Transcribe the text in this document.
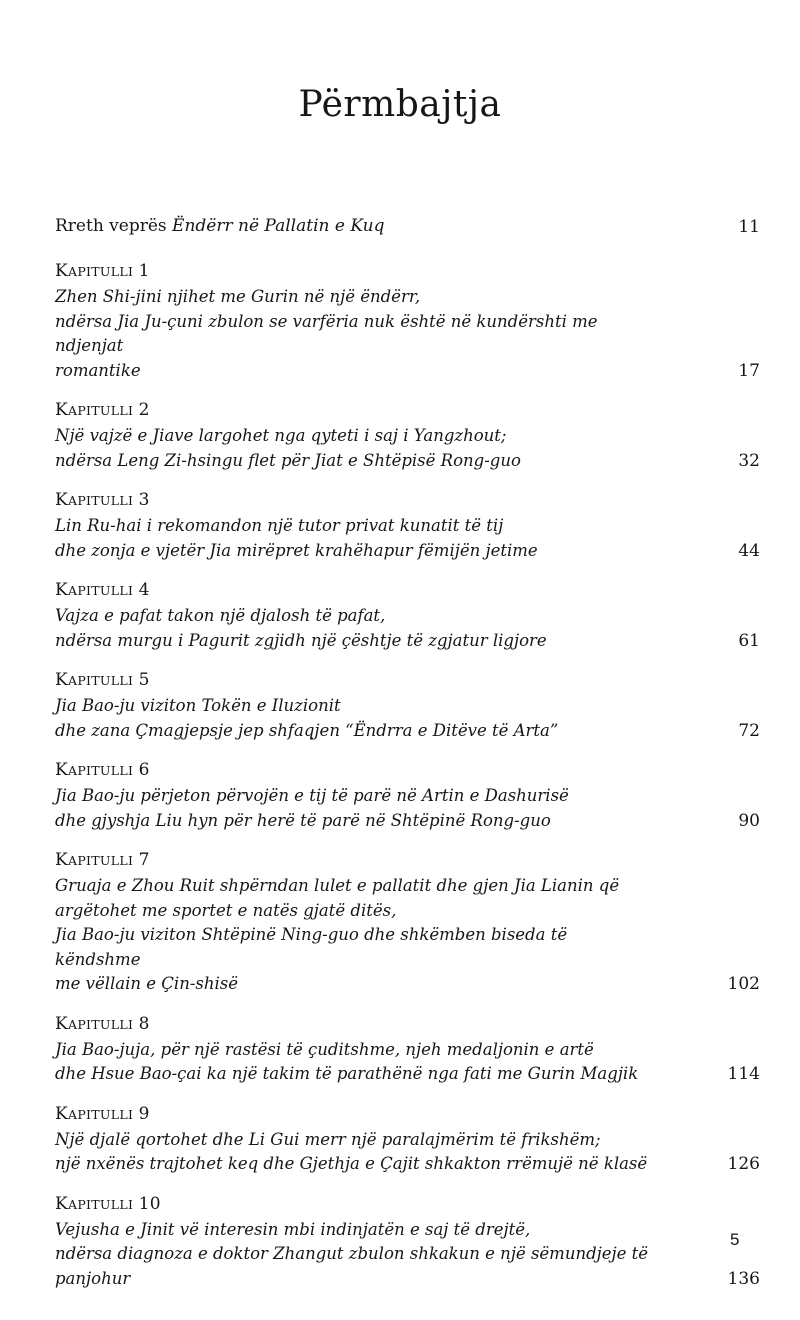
Përmbajtja
Rreth veprës Ëndërr në Pallatin e Kuq	11
KAPITULLI 1
Zhen Shi-jini njihet me Gurin në një ëndërr,
ndërsa Jia Ju-çuni zbulon se varfëria nuk është në kundërshti me ndjenjat
romantike	17
KAPITULLI 2
Një vajzë e Jiave largohet nga qyteti i saj i Yangzhout;
ndërsa Leng Zi-hsingu flet për Jiat e Shtëpisë Rong-guo	32
KAPITULLI 3
Lin Ru-hai i rekomandon një tutor privat kunatit të tij
dhe zonja e vjetër Jia mirëpret krahëhapur fëmijën jetime	44
KAPITULLI 4
Vajza e pafat takon një djalosh të pafat,
ndërsa murgu i Pagurit zgjidh një çështje të zgjatur ligjore	61
KAPITULLI 5
Jia Bao-ju viziton Tokën e Iluzionit
dhe zana Çmagjepsje jep shfaqjen “Ëndrra e Ditëve të Arta”	72
KAPITULLI 6
Jia Bao-ju përjeton përvojën e tij të parë në Artin e Dashurisë
dhe gjyshja Liu hyn për herë të parë në Shtëpinë Rong-guo	90
KAPITULLI 7
Gruaja e Zhou Ruit shpërndan lulet e pallatit dhe gjen Jia Lianin që
argëtohet me sportet e natës gjatë ditës,
Jia Bao-ju viziton Shtëpinë Ning-guo dhe shkëmben biseda të këndshme
me vëllain e Çin-shisë	102
KAPITULLI 8
Jia Bao-juja, për një rastësi të çuditshme, njeh medaljonin e artë
dhe Hsue Bao-çai ka një takim të parathënë nga fati me Gurin Magjik	114
KAPITULLI 9
Një djalë qortohet dhe Li Gui merr një paralajmërim të frikshëm;
një nxënës trajtohet keq dhe Gjethja e Çajit shkakton rrëmujë në klasë	126
KAPITULLI 10
Vejusha e Jinit vë interesin mbi indinjatën e saj të drejtë,
ndërsa diagnoza e doktor Zhangut zbulon shkakun e një sëmundjeje të
panjohur	136
5
